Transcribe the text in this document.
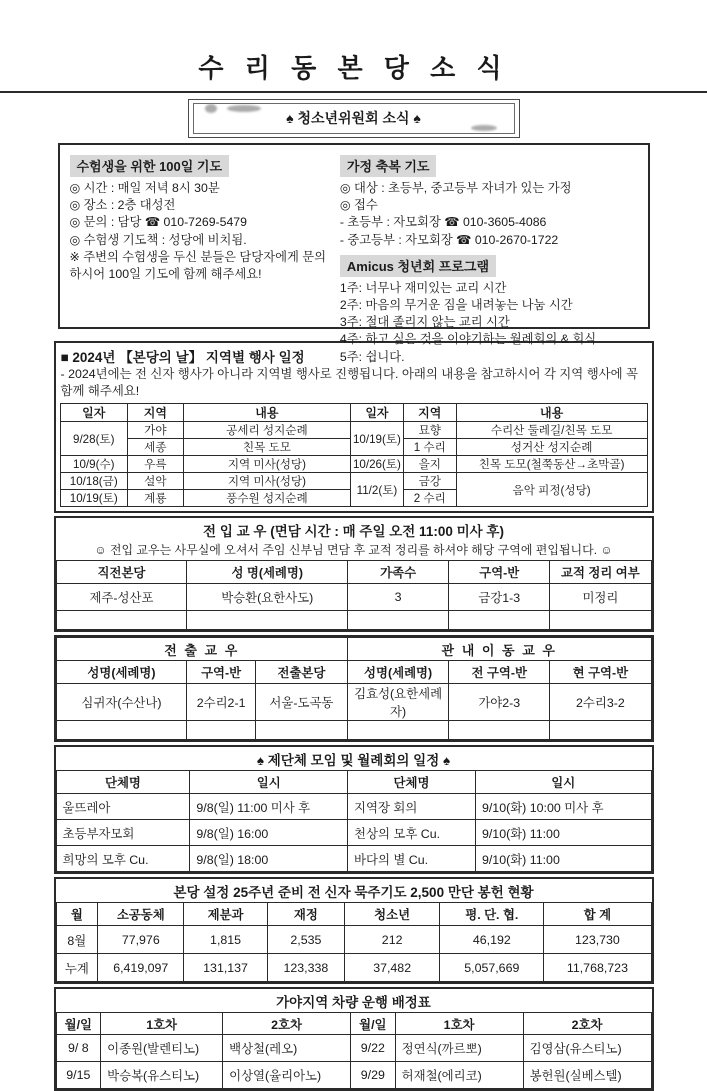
수 리 동 본 당 소 식
♠ 청소년위원회 소식 ♠
수험생을 위한 100일 기도
◎ 시간 : 매일 저녁 8시 30분
◎ 장소 : 2층 대성전
◎ 문의 : 담당 ☎ 010-7269-5479
◎ 수험생 기도책 : 성당에 비치됨.
※ 주변의 수험생을 두신 분들은 담당자에게 문의하시어 100일 기도에 함께 해주세요!
가정 축복 기도
◎ 대상 : 초등부, 중고등부 자녀가 있는 가정
◎ 접수
- 초등부 : 자모회장 ☎ 010-3605-4086
- 중고등부 : 자모회장 ☎ 010-2670-1722
Amicus 청년회 프로그램
1주: 너무나 재미있는 교리 시간
2주: 마음의 무거운 짐을 내려놓는 나눔 시간
3주: 절대 졸리지 않는 교리 시간
4주: 하고 싶은 것을 이야기하는 월례회의 & 회식
5주: 쉽니다.
■ 2024년 【본당의 날】 지역별 행사 일정
- 2024년에는 전 신자 행사가 아니라 지역별 행사로 진행됩니다. 아래의 내용을 참고하시어 각 지역 행사에 꼭 함께 해주세요!
일자	지역	내용	일자	지역	내용
9/28(토)	가야	공세리 성지순례	10/19(토)	묘향	수리산 둘레길/친목 도모
	세종	친목 도모		1 수리	성거산 성지순례
10/9(수)	우륵	지역 미사(성당)	10/26(토)	을지	친목 도모(철쭉동산→초막골)
10/18(금)	설악	지역 미사(성당)	11/2(토)	금강	음악 피정(성당)
10/19(토)	계룡	풍수원 성지순례		2 수리	
전 입 교 우 (면담 시간 : 매 주일 오전 11:00 미사 후)
☺ 전입 교우는 사무실에 오셔서 주임 신부님 면담 후 교적 정리를 하셔야 해당 구역에 편입됩니다. ☺
직전본당	성 명(세례명)	가족수	구역-반	교적 정리 여부
제주-성산포	박승환(요한사도)	3	금강1-3	미정리

전 출 교 우			관 내 이 동 교 우		
성명(세례명)	구역-반	전출본당	성명(세례명)	전 구역-반	현 구역-반
심귀자(수산나)	2수리2-1	서울-도곡동	김효성(요한세례자)	가야2-3	2수리3-2

♠ 제단체 모임 및 월례회의 일정 ♠
단체명	일시	단체명	일시
울뜨레아	9/8(일) 11:00 미사 후	지역장 회의	9/10(화) 10:00 미사 후
초등부자모회	9/8(일) 16:00	천상의 모후 Cu.	9/10(화) 11:00
희망의 모후 Cu.	9/8(일) 18:00	바다의 별 Cu.	9/10(화) 11:00
본당 설정 25주년 준비 전 신자 묵주기도 2,500 만단 봉헌 현황
월	소공동체	제분과	재정	청소년	평. 단. 협.	합 계
8월	77,976	1,815	2,535	212	46,192	123,730
누계	6,419,097	131,137	123,338	37,482	5,057,669	11,768,723
가야지역 차량 운행 배정표
월/일	1호차	2호차	월/일	1호차	2호차
9/ 8	이종원(발렌티노)	백상철(레오)	9/22	정연식(까르뽀)	김영삼(유스티노)
9/15	박승복(유스티노)	이상열(율리아노)	9/29	허재철(에리코)	봉헌원(실베스텔)
